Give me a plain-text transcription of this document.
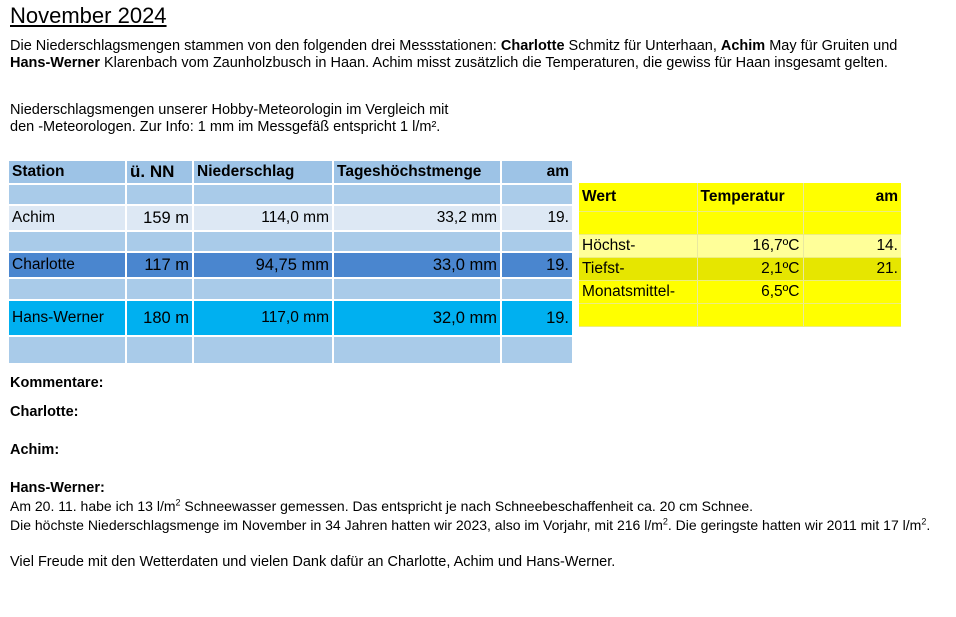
November 2024

Die Niederschlagsmengen stammen von den folgenden drei Messstationen: Charlotte Schmitz für Unterhaan, Achim May für Gruiten und Hans-Werner Klarenbach vom Zaunholzbusch in Haan. Achim misst zusätzlich die Temperaturen, die gewiss für Haan insgesamt gelten.

Niederschlagsmengen unserer Hobby-Meteorologin im Vergleich mit
den -Meteorologen. Zur Info: 1 mm im Messgefäß entspricht 1 l/m².

Station	ü. NN	Niederschlag	Tageshöchstmenge	am

Achim	159 m	114,0 mm	33,2 mm	19.

Charlotte	117 m	94,75 mm	33,0 mm	19.

Hans-Werner	180 m	117,0 mm	32,0 mm	19.

Wert	Temperatur	am

Höchst-	16,7ºC	14.
Tiefst-	2,1ºC	21.
Monatsmittel-	6,5ºC	

Kommentare:

Charlotte:

Achim:

Hans-Werner:

Am 20. 11. habe ich 13 $l/m^2$ Schneewasser gemessen. Das entspricht je nach Schneebeschaffenheit ca. 20 cm Schnee.

Die höchste Niederschlagsmenge im November in 34 Jahren hatten wir 2023, also im Vorjahr, mit 216 $l/m^2$. Die geringste hatten wir 2011 mit 17 $l/m^2$.

Viel Freude mit den Wetterdaten und vielen Dank dafür an Charlotte, Achim und Hans-Werner.
